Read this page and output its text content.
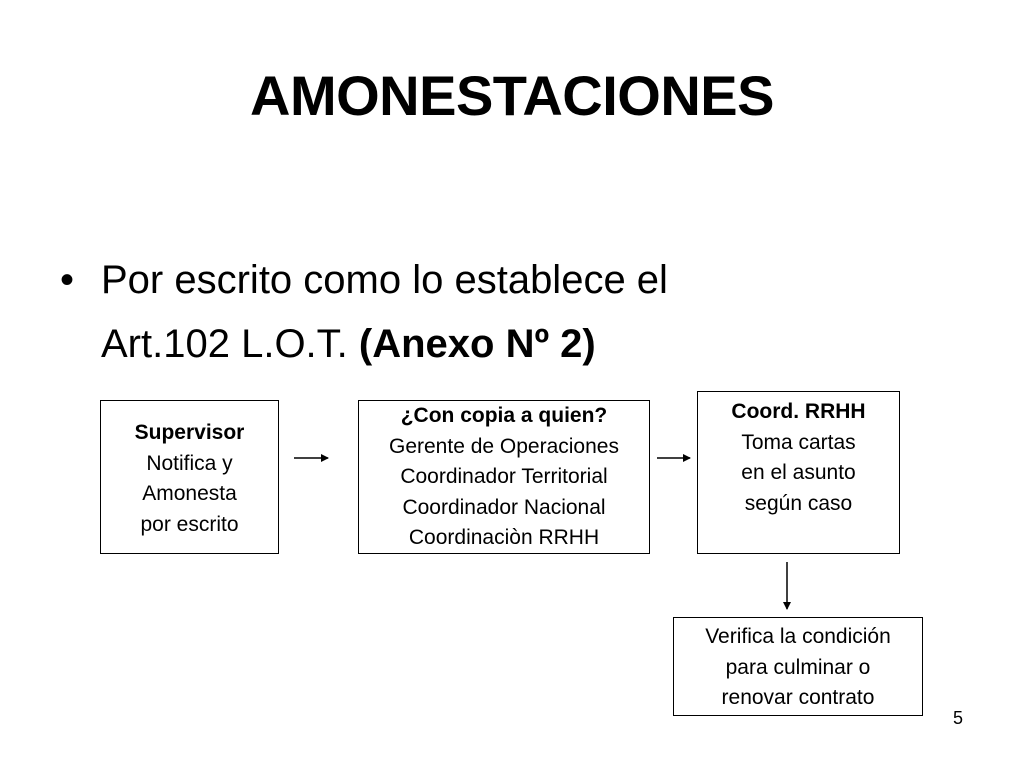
AMONESTACIONES
• Por escrito como lo establece el
Art.102 L.O.T. (Anexo Nº 2)
Supervisor
Notifica y
Amonesta
por escrito
¿Con copia a quien?
Gerente de Operaciones
Coordinador Territorial
Coordinador Nacional
Coordinaciòn RRHH
Coord. RRHH
Toma cartas
en el asunto
según caso
Verifica la condición
para culminar o
renovar contrato
5
